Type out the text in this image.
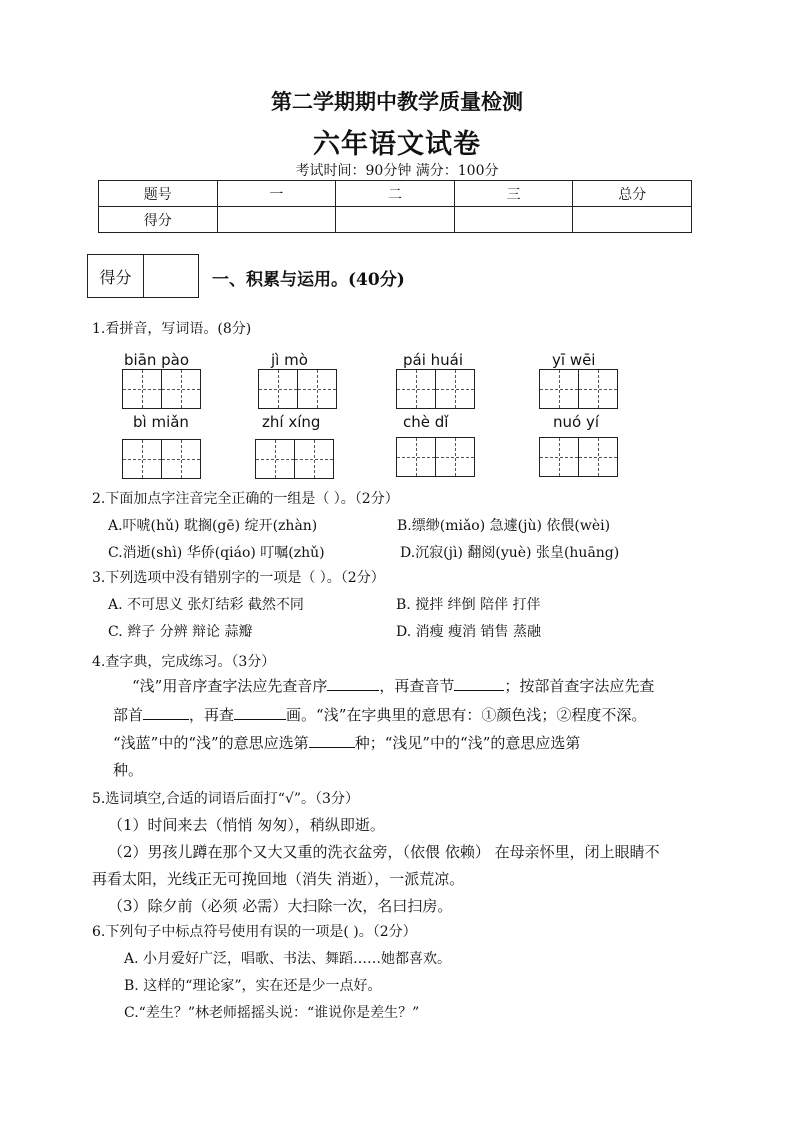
第二学期期中教学质量检测
六年语文试卷
考试时间：90分钟 满分：100分
题号	一	二	三	总分
得分				
得分	一、积累与运用。(40分)
1.看拼音，写词语。(8分)
biān pào	jì mò	pái huái	yī wēi
bì miǎn	zhí xíng	chè dǐ	nuó yí
2.下面加点字注音完全正确的一组是（ ）。（2分）
A.吓唬(hǔ) 耽搁(gē) 绽开(zhàn)	B.缥缈(miǎo) 急遽(jù) 依偎(wèi)
C.消逝(shì) 华侨(qiáo) 叮嘱(zhǔ)	D.沉寂(jì) 翻阅(yuè) 张皇(huāng)
3.下列选项中没有错别字的一项是（ ）。（2分）
A. 不可思义 张灯结彩 截然不同	B. 搅拌 绊倒 陪伴 打伴
C. 辫子 分辨 辩论 蒜瓣	D. 消瘦 瘦消 销售 蒸融
4.查字典，完成练习。（3分）
“浅”用音序查字法应先查音序	，再查音节	；按部首查字法应先查
部首	，再查	画。“浅”在字典里的意思有：①颜色浅；②程度不深。
“浅蓝”中的“浅”的意思应选第	种；“浅见”中的“浅”的意思应选第
种。
5.选词填空,合适的词语后面打“√”。（3分）
（1）时间来去（悄悄 匆匆），稍纵即逝。
（2）男孩儿蹲在那个又大又重的洗衣盆旁，（依偎 依赖） 在母亲怀里，闭上眼睛不
再看太阳，光线正无可挽回地（消失 消逝），一派荒凉。
（3）除夕前（必须 必需）大扫除一次，名曰扫房。
6.下列句子中标点符号使用有误的一项是( )。（2分）
A. 小月爱好广泛，唱歌、书法、舞蹈……她都喜欢。
B. 这样的“理论家”，实在还是少一点好。
C.“差生？”林老师摇摇头说：“谁说你是差生？”
